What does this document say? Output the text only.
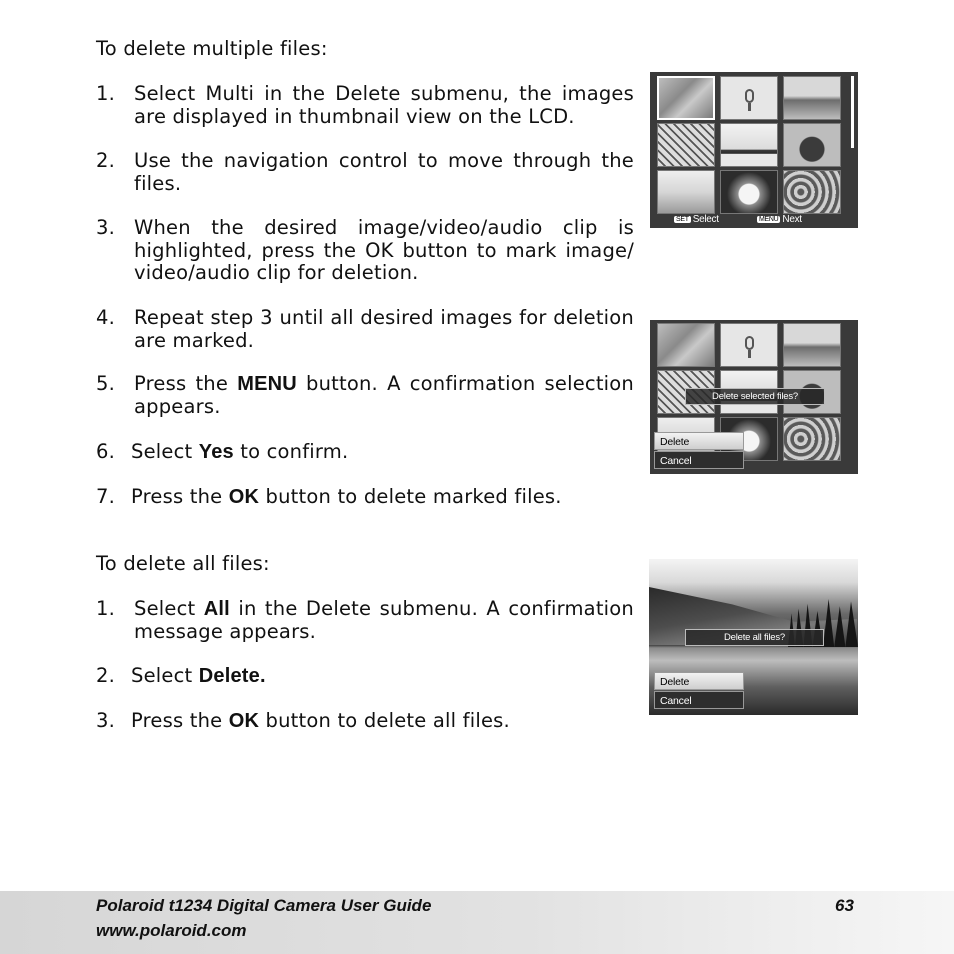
To delete multiple files:
1. Select Multi in the Delete submenu, the images are displayed in thumbnail view on the LCD.
2. Use the navigation control to move through the files.
3. When the desired image/video/audio clip is highlighted, press the OK button to mark image/ video/audio clip for deletion.
4. Repeat step 3 until all desired images for deletion are marked.
5. Press the MENU button. A confirmation selection appears.
6. Select Yes to confirm.
7. Press the OK button to delete marked files.
To delete all files:
1. Select All in the Delete submenu. A confirmation message appears.
2. Select Delete.
3. Press the OK button to delete all files.
SET Select	MENU Next
Delete selected files?
Delete
Cancel
Delete all files?
Delete
Cancel
Polaroid t1234 Digital Camera User Guide
www.polaroid.com
63
